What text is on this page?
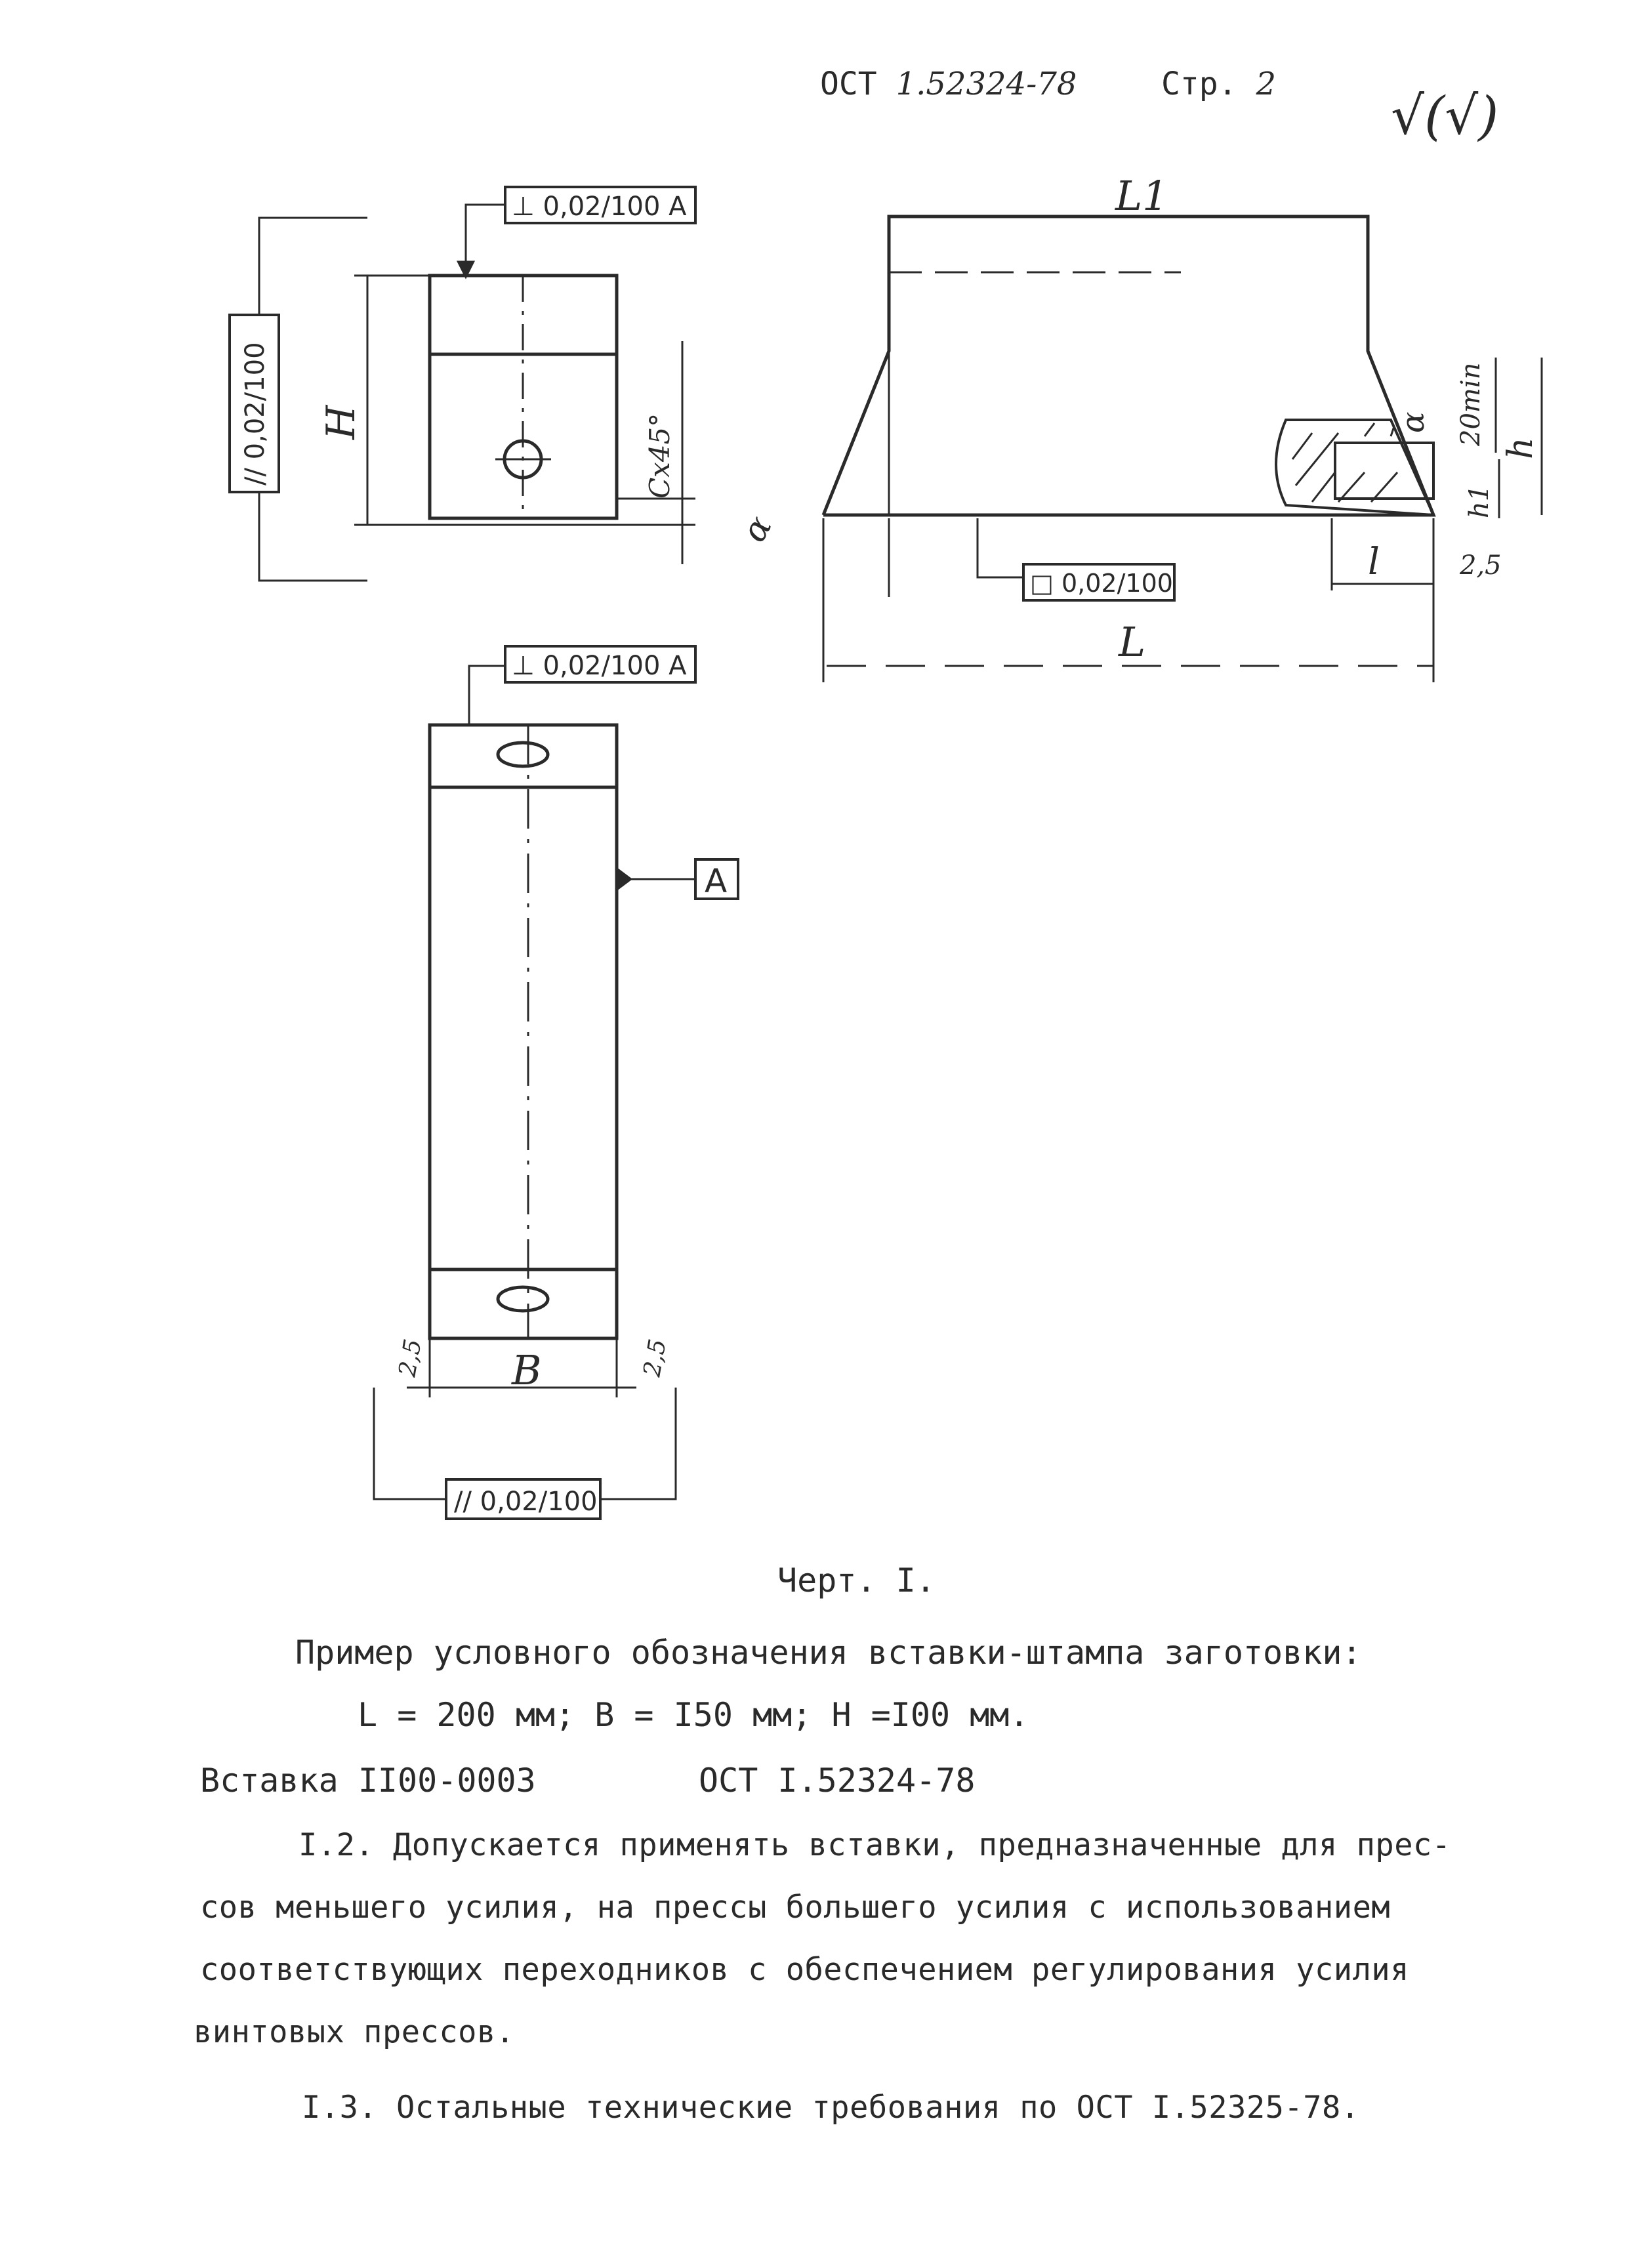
ОСТ 1.52324-78	Стр. 2
√(√)
⊥ 0,02/100 A
// 0,02/100
□ 0,02/100
⊥ 0,02/100 A
A
// 0,02/100
H	Cx45°
L1
L
l
α
α 20min
h
h1
2,5
B
2,5	2,5
Черт. I.
Пример условного обозначения вставки-штампа заготовки:
L = 200 мм; B = I50 мм; H =I00 мм.
Вставка II00-0003	ОСТ I.52324-78
I.2. Допускается применять вставки, предназначенные для прес-
сов меньшего усилия, на прессы большего усилия с использованием
соответствующих переходников с обеспечением регулирования усилия
винтовых прессов.
I.3. Остальные технические требования по ОСТ I.52325-78.
